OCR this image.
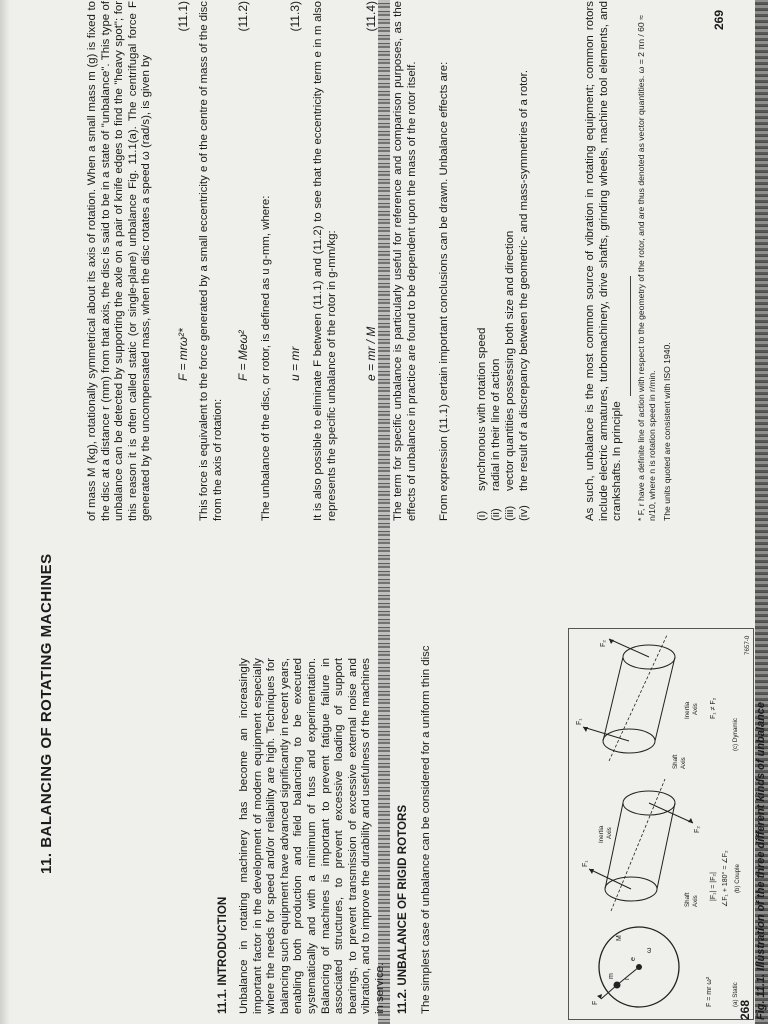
11. BALANCING OF ROTATING MACHINES
11.1. INTRODUCTION Unbalance in rotating machinery has become an increasingly important factor in the development of modern equipment especially where the needs for speed and/or reliability are high. Techniques for balancing such equipment have advanced significantly in recent years, enabling both production and field balancing to be executed systematically and with a minimum of fuss and experimentation. Balancing of machines is important to prevent fatigue failure in associated structures, to prevent excessive loading of support bearings, to prevent transmission of excessive external noise and vibration, and to improve the durability and usefulness of the machines in service. 11.2. UNBALANCE OF RIGID ROTORS The simplest case of unbalance can be considered for a uniform thin disc	F
m r
e
M
ω
F = mr ω²	(a) Static
F₁
F₂
Inertia Axis
Shaft Axis
|F₁| = |F₂| ∠F₁ + 180° = ∠F₂ (b) Couple
F₁
F₂
Shaft Axis
Inertia Axis F₁ ≠ F₂
(c) Dynamic
7657-0
Fig. 11.1. Illustration of the three different kinds of unbalance
268

of mass M (kg), rotationally symmetrical about its axis of rotation. When a small mass m (g) is fixed to the disc at a distance r (mm) from that axis, the disc is said to be in a state of "unbalance". This type of unbalance can be detected by supporting the axle on a pair of knife edges to find the "heavy spot"; for this reason it is often called static (or single-plane) unbalance Fig. 11.1(a). The centrifugal force F generated by the uncompensated mass, when the disc rotates a speed ω (rad/s), is given by F = mrω²*
(11.1) This force is equivalent to the force generated by a small eccentricity e of the centre of mass of the disc from the axis of rotation:

F = Meω²
(11.2)

The unbalance of the disc, or rotor, is defined as u g-mm, where: u = mr
(11.3) It is also possible to eliminate F between (11.1) and (11.2) to see that the eccentricity term e in m also represents the specific unbalance of the rotor in g-mm/kg: e = mr / M
(11.4) The term for specific unbalance is particularly useful for reference and comparison purposes, as the effects of unbalance in practice are found to be dependent upon the mass of the rotor itself. From expression (11.1) certain important conclusions can be drawn. Unbalance effects are: (i)
synchronous with rotation speed
(ii)
radial in their line of action
(iii)
vector quantities possessing both size and direction
(iv)
the result of a discrepancy between the geometric- and mass-symmetries of a rotor.	As such, unbalance is the most common source of vibration in rotating equipment; common rotors include electric armatures, turbomachinery, drive shafts, grinding wheels, machine tool elements, and crankshafts. In principle * F, r have a definite line of action with respect to the geometry of the rotor, and are thus denoted as vector quantities. ω = 2 πn / 60 ≈ n/10, where n is rotation speed in r/min. The units quoted are consistent with ISO 1940.
269
